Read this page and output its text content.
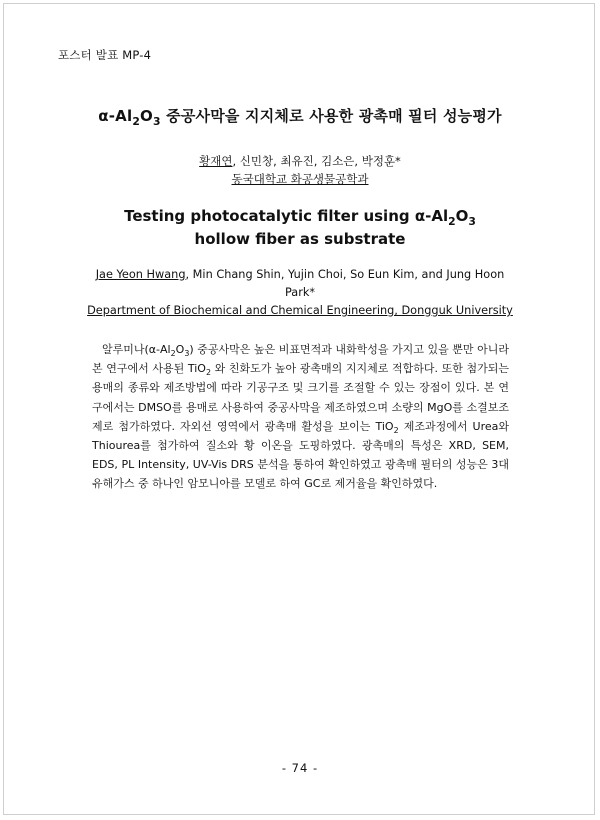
포스터 발표 MP-4
$\alpha-Al_2O_3$ 중공사막을 지지체로 사용한 광촉매 필터 성능평가
황재연, 신민창, 최유진, 김소은, 박정훈*
동국대학교 화공생물공학과
Testing photocatalytic filter using $\alpha-Al_2O_3$ hollow fiber as substrate
Jae Yeon Hwang, Min Chang Shin, Yujin Choi, So Eun Kim, and Jung Hoon Park*
Department of Biochemical and Chemical Engineering, Dongguk University
알루미나$(\alpha-Al_2O_3)$ 중공사막은 높은 비표면적과 내화학성을 가지고 있을 뿐만 아니라 본 연구에서 사용된 TiO$_2$ 와 친화도가 높아 광촉매의 지지체로 적합하다. 또한 첨가되는 용매의 종류와 제조방법에 따라 기공구조 및 크기를 조절할 수 있는 장점이 있다. 본 연구에서는 DMSO를 용매로 사용하여 중공사막을 제조하였으며 소량의 MgO를 소결보조제로 첨가하였다. 자외선 영역에서 광촉매 활성을 보이는 TiO$_2$ 제조과정에서 Urea와 Thiourea를 첨가하여 질소와 황 이온을 도핑하였다. 광촉매의 특성은 XRD, SEM, EDS, PL Intensity, UV-Vis DRS 분석을 통하여 확인하였고 광촉매 필터의 성능은 3대 유해가스 중 하나인 암모니아를 모델로 하여 GC로 제거율을 확인하였다.
- 74 -
